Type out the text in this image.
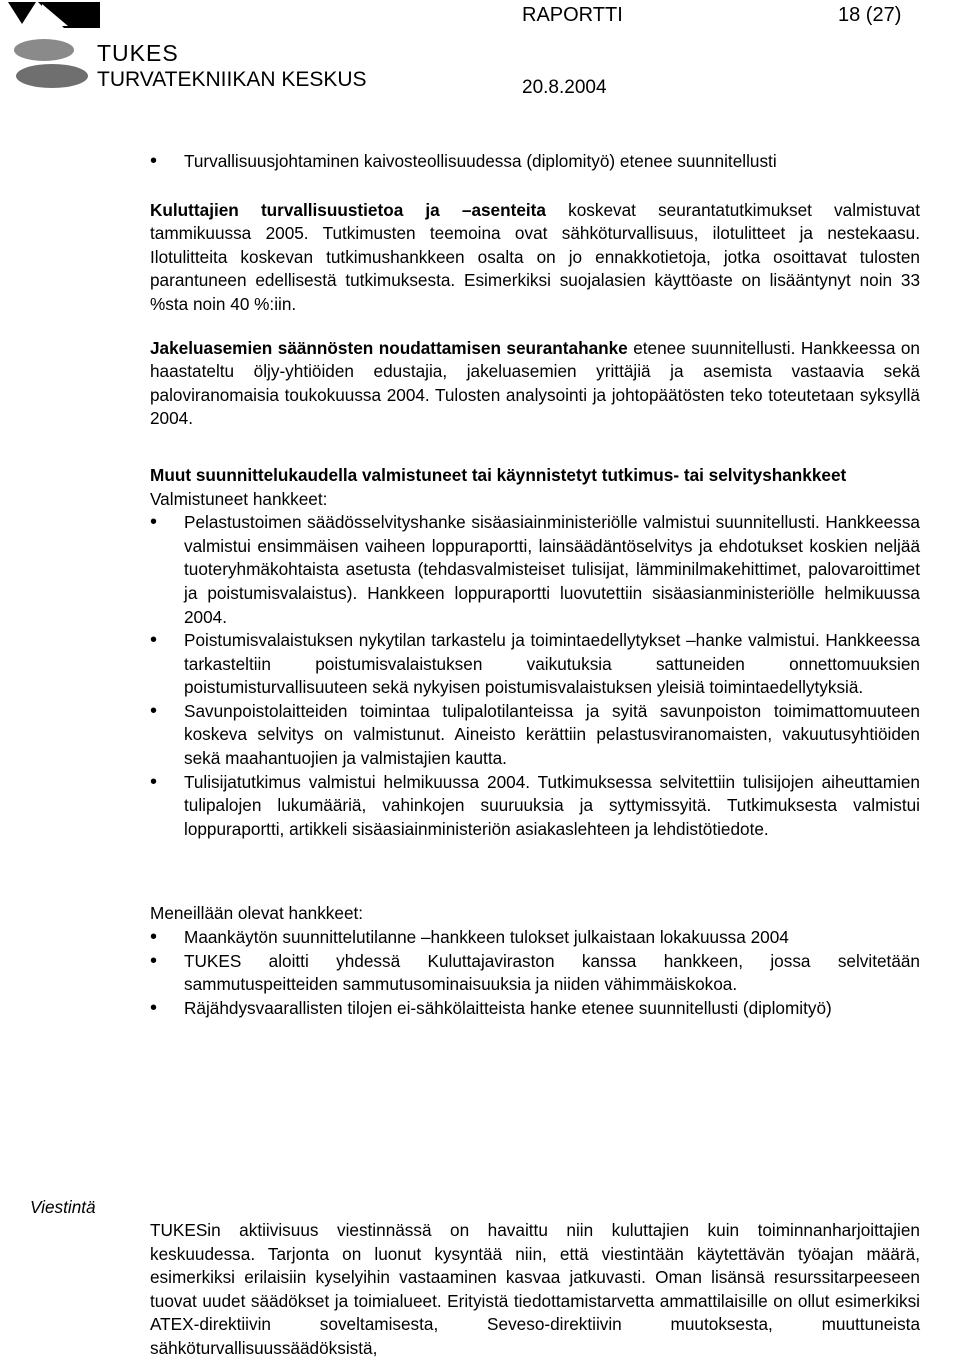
TUKES
TURVATEKNIIKAN KESKUS
RAPORTTI	18 (27)
20.8.2004
• Turvallisuusjohtaminen kaivosteollisuudessa (diplomityö) etenee suunnitellusti

Kuluttajien turvallisuustietoa ja –asenteita koskevat seurantatutkimukset valmistuvat tammikuussa 2005. Tutkimusten teemoina ovat sähköturvallisuus, ilotulitteet ja nestekaasu. Ilotulitteita koskevan tutkimushankkeen osalta on jo ennakkotietoja, jotka osoittavat tulosten parantuneen edellisestä tutkimuksesta. Esimerkiksi suojalasien käyttöaste on lisääntynyt noin 33 %sta noin 40 %:iin.

Jakeluasemien säännösten noudattamisen seurantahanke etenee suunnitellusti. Hankkeessa on haastateltu öljy-yhtiöiden edustajia, jakeluasemien yrittäjiä ja asemista vastaavia sekä paloviranomaisia toukokuussa 2004. Tulosten analysointi ja johtopäätösten teko toteutetaan syksyllä 2004.

Muut suunnittelukaudella valmistuneet tai käynnistetyt tutkimus- tai selvityshankkeet

Valmistuneet hankkeet:

• Pelastustoimen säädösselvityshanke sisäasiainministeriölle valmistui suunnitellusti. Hankkeessa valmistui ensimmäisen vaiheen loppuraportti, lainsäädäntöselvitys ja ehdotukset koskien neljää tuoteryhmäkohtaista asetusta (tehdasvalmisteiset tulisijat, lämminilmakehittimet, palovaroittimet ja poistumisvalaistus). Hankkeen loppuraportti luovutettiin sisäasianministeriölle helmikuussa 2004.
• Poistumisvalaistuksen nykytilan tarkastelu ja toimintaedellytykset –hanke valmistui. Hankkeessa tarkasteltiin poistumisvalaistuksen vaikutuksia sattuneiden onnettomuuksien poistumisturvallisuuteen sekä nykyisen poistumisvalaistuksen yleisiä toimintaedellytyksiä.
• Savunpoistolaitteiden toimintaa tulipalotilanteissa ja syitä savunpoiston toimimattomuuteen koskeva selvitys on valmistunut. Aineisto kerättiin pelastusviranomaisten, vakuutusyhtiöiden sekä maahantuojien ja valmistajien kautta.
• Tulisijatutkimus valmistui helmikuussa 2004. Tutkimuksessa selvitettiin tulisijojen aiheuttamien tulipalojen lukumääriä, vahinkojen suuruuksia ja syttymissyitä. Tutkimuksesta valmistui loppuraportti, artikkeli sisäasiainministeriön asiakaslehteen ja lehdistötiedote.

Meneillään olevat hankkeet:

• Maankäytön suunnittelutilanne –hankkeen tulokset julkaistaan lokakuussa 2004
• TUKES aloitti yhdessä Kuluttajaviraston kanssa hankkeen, jossa selvitetään sammutuspeitteiden sammutusominaisuuksia ja niiden vähimmäiskokoa.
• Räjähdysvaarallisten tilojen ei-sähkölaitteista hanke etenee suunnitellusti (diplomityö)
Viestintä

TUKESin aktiivisuus viestinnässä on havaittu niin kuluttajien kuin toiminnanharjoittajien keskuudessa. Tarjonta on luonut kysyntää niin, että viestintään käytettävän työajan määrä, esimerkiksi erilaisiin kyselyihin vastaaminen kasvaa jatkuvasti. Oman lisänsä resurssitarpeeseen tuovat uudet säädökset ja toimialueet. Erityistä tiedottamistarvetta ammattilaisille on ollut esimerkiksi ATEX-direktiivin soveltamisesta, Seveso-direktiivin muutoksesta, muuttuneista sähköturvallisuussäädöksistä,
